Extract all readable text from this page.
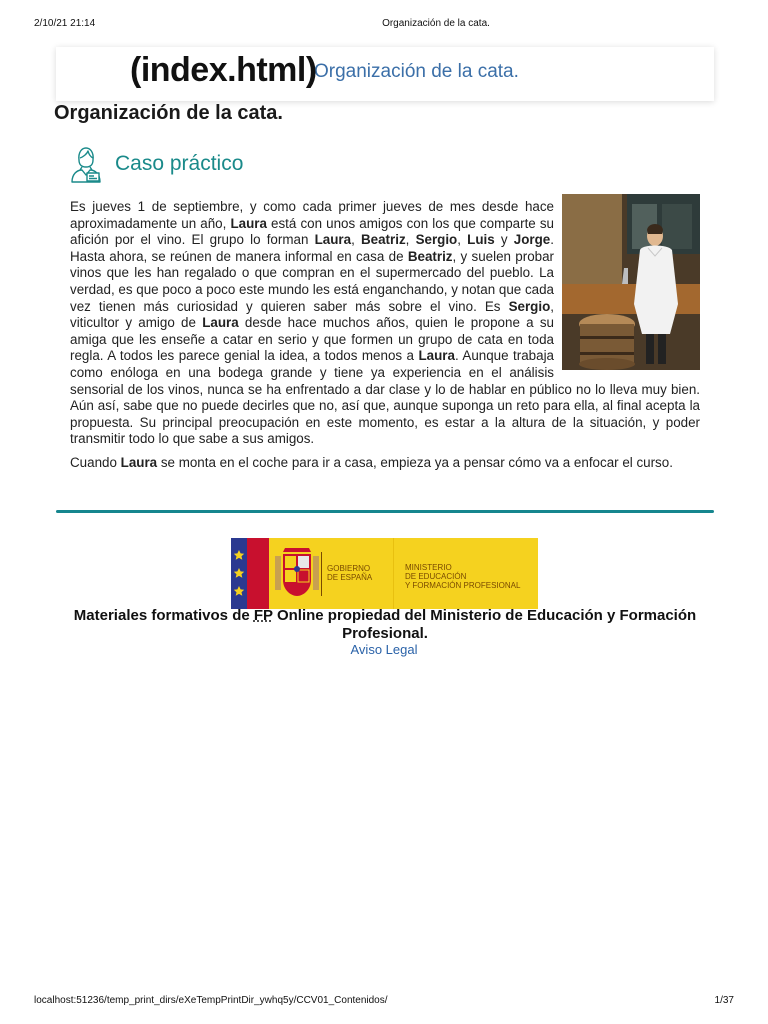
2/10/21 21:14	Organización de la cata.
Organización de la cata.
(index.html)
Organización de la cata.
Caso práctico

Es jueves 1 de septiembre, y como cada primer jueves de mes desde hace aproximadamente un año, Laura está con unos amigos con los que comparte su afición por el vino. El grupo lo forman Laura, Beatriz, Sergio, Luis y Jorge. Hasta ahora, se reúnen de manera informal en casa de Beatriz, y suelen probar vinos que les han regalado o que compran en el supermercado del pueblo. La verdad, es que poco a poco este mundo les está enganchando, y notan que cada vez tienen más curiosidad y quieren saber más sobre el vino. Es Sergio, viticultor y amigo de Laura desde hace muchos años, quien le propone a su amiga que les enseñe a catar en serio y que formen un grupo de cata en toda regla. A todos les parece genial la idea, a todos menos a Laura. Aunque trabaja como enóloga en una bodega grande y tiene ya experiencia en el análisis sensorial de los vinos, nunca se ha enfrentado a dar clase y lo de hablar en público no lo lleva muy bien. Aún así, sabe que no puede decirles que no, así que, aunque suponga un reto para ella, al final acepta la propuesta. Su principal preocupación en este momento, es estar a la altura de la situación, y poder transmitir todo lo que sabe a sus amigos.

Cuando Laura se monta en el coche para ir a casa, empieza ya a pensar cómo va a enfocar el curso.

GOBIERNO
DE ESPAÑA
MINISTERIO
DE EDUCACIÓN
Y FORMACIÓN PROFESIONAL
Materiales formativos de FP Online propiedad del Ministerio de Educación y Formación Profesional.
Aviso Legal
localhost:51236/temp_print_dirs/eXeTempPrintDir_ywhq5y/CCV01_Contenidos/	1/37
